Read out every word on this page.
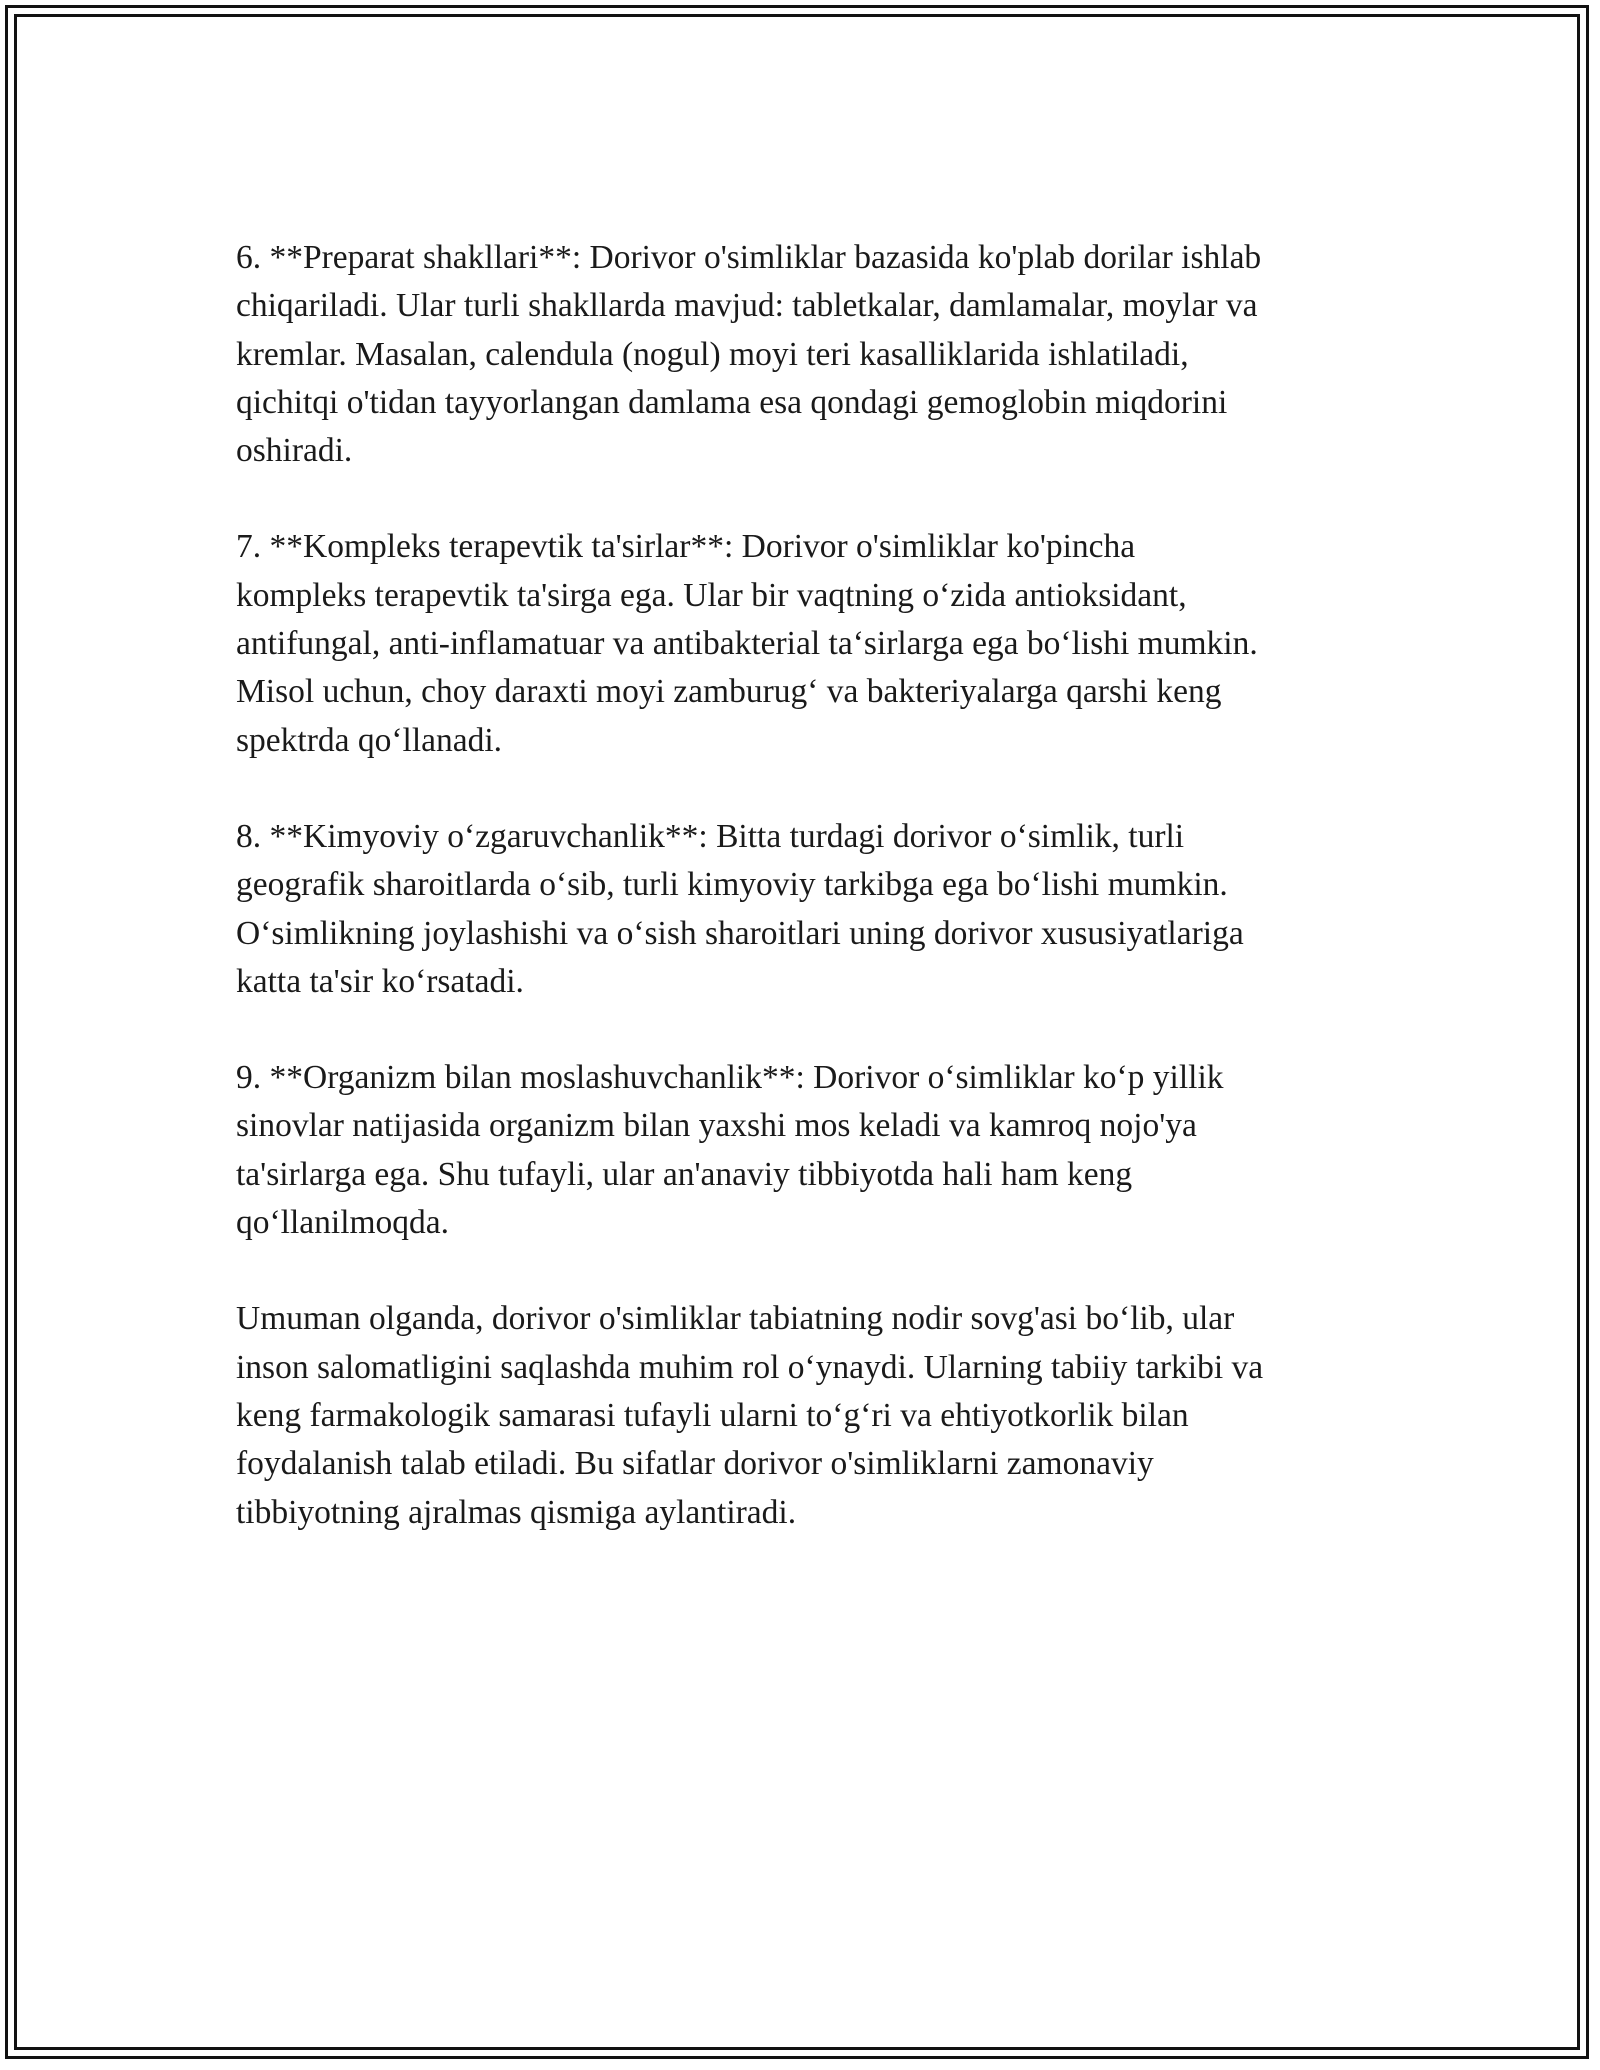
6. **Preparat shakllari**: Dorivor o'simliklar bazasida ko'plab dorilar ishlab
chiqariladi. Ular turli shakllarda mavjud: tabletkalar, damlamalar, moylar va
kremlar. Masalan, calendula (nogul) moyi teri kasalliklarida ishlatiladi,
qichitqi o'tidan tayyorlangan damlama esa qondagi gemoglobin miqdorini
oshiradi.

7. **Kompleks terapevtik ta'sirlar**: Dorivor o'simliklar ko'pincha
kompleks terapevtik ta'sirga ega. Ular bir vaqtning o‘zida antioksidant,
antifungal, anti-inflamatuar va antibakterial ta‘sirlarga ega bo‘lishi mumkin.
Misol uchun, choy daraxti moyi zamburug‘ va bakteriyalarga qarshi keng
spektrda qo‘llanadi.

8. **Kimyoviy o‘zgaruvchanlik**: Bitta turdagi dorivor o‘simlik, turli
geografik sharoitlarda o‘sib, turli kimyoviy tarkibga ega bo‘lishi mumkin.
O‘simlikning joylashishi va o‘sish sharoitlari uning dorivor xususiyatlariga
katta ta'sir ko‘rsatadi.

9. **Organizm bilan moslashuvchanlik**: Dorivor o‘simliklar ko‘p yillik
sinovlar natijasida organizm bilan yaxshi mos keladi va kamroq nojo'ya
ta'sirlarga ega. Shu tufayli, ular an'anaviy tibbiyotda hali ham keng
qo‘llanilmoqda.

Umuman olganda, dorivor o'simliklar tabiatning nodir sovg'asi bo‘lib, ular
inson salomatligini saqlashda muhim rol o‘ynaydi. Ularning tabiiy tarkibi va
keng farmakologik samarasi tufayli ularni to‘g‘ri va ehtiyotkorlik bilan
foydalanish talab etiladi. Bu sifatlar dorivor o'simliklarni zamonaviy
tibbiyotning ajralmas qismiga aylantiradi.
